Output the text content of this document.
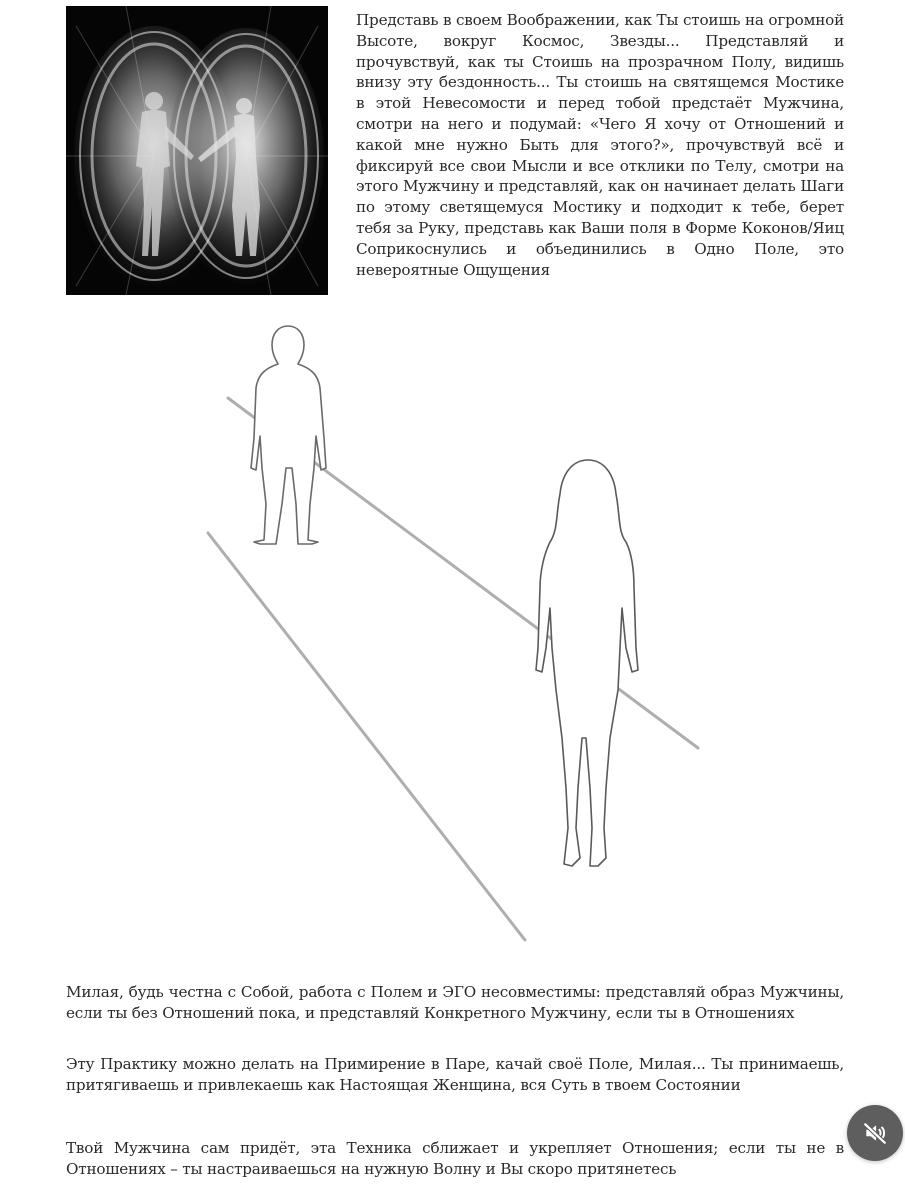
Представь в своем Воображении, как Ты стоишь на огромной Высоте, вокруг Космос, Звезды... Представляй и прочувствуй, как ты Стоишь на прозрачном Полу, видишь внизу эту бездонность... Ты стоишь на святящемся Мостике в этой Невесомости и перед тобой предстаёт Мужчина, смотри на него и подумай: «Чего Я хочу от Отношений и какой мне нужно Быть для этого?», прочувствуй всё и фиксируй все свои Мысли и все отклики по Телу, смотри на этого Мужчину и представляй, как он начинает делать Шаги по этому светящемуся Мостику и подходит к тебе, берет тебя за Руку, представь как Ваши поля в Форме Коконов/Яиц Соприкоснулись и объединились в Одно Поле, это невероятные Ощущения

Милая, будь честна с Собой, работа с Полем и ЭГО несовместимы: представляй образ Мужчины, если ты без Отношений пока, и представляй Конкретного Мужчину, если ты в Отношениях

Эту Практику можно делать на Примирение в Паре, качай своё Поле, Милая... Ты принимаешь, притягиваешь и привлекаешь как Настоящая Женщина, вся Суть в твоем Состоянии

Твой Мужчина сам придёт, эта Техника сближает и укрепляет Отношения; если ты не в Отношениях – ты настраиваешься на нужную Волну и Вы скоро притянетесь
